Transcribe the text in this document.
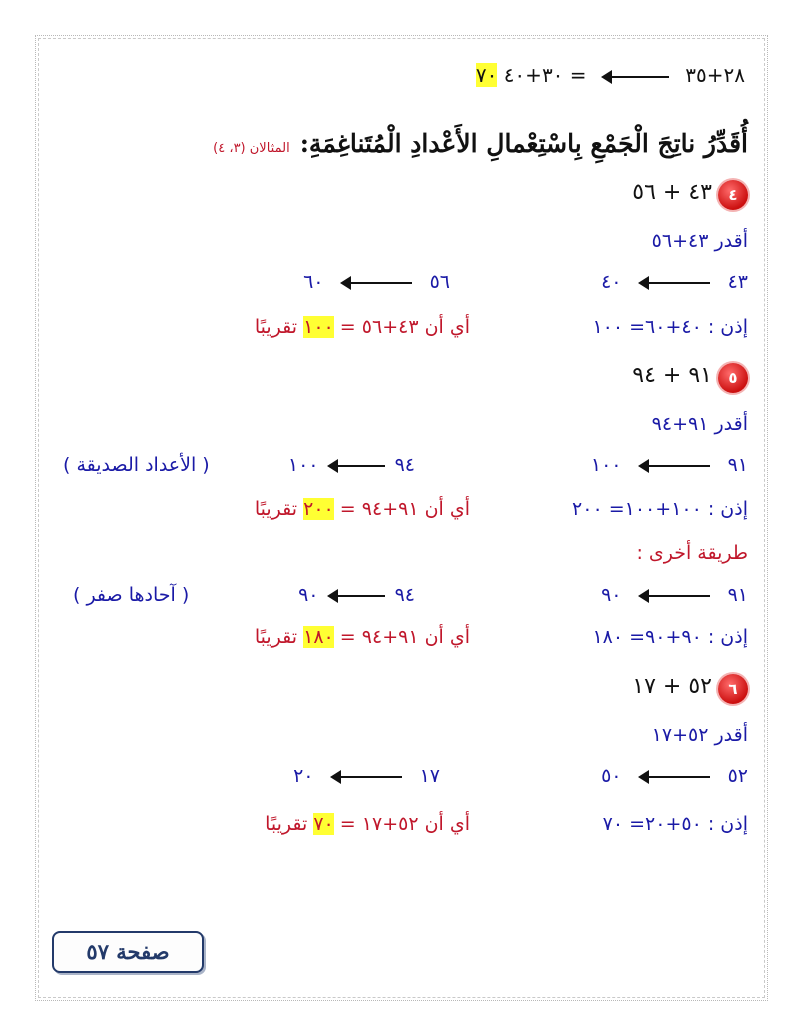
٢٨+٣٥  = ٣٠+٤٠ ٧٠
أُقَدِّرُ ناتِجَ الْجَمْعِ بِاسْتِعْمالِ الأَعْدادِ الْمُتَناغِمَةِ:المثالان (٣، ٤)
٤
٤٣ + ٥٦
أقدر ٤٣+٥٦
٤٣  ٤٠
٥٦  ٦٠
إذن : ٤٠+٦٠= ١٠٠
أي أن ٤٣+٥٦ = ١٠٠ تقريبًا
٥
٩١ + ٩٤
أقدر ٩١+٩٤
٩١  ١٠٠
٩٤  ١٠٠
( الأعداد الصديقة )
إذن : ١٠٠+١٠٠= ٢٠٠
أي أن ٩١+٩٤ = ٢٠٠ تقريبًا
طريقة أخرى :
٩١  ٩٠
٩٤  ٩٠
( آحادها صفر )
إذن : ٩٠+٩٠= ١٨٠
أي أن ٩١+٩٤ = ١٨٠ تقريبًا
٦
٥٢ + ١٧
أقدر ٥٢+١٧
٥٢  ٥٠
١٧  ٢٠
إذن : ٥٠+٢٠= ٧٠
أي أن ٥٢+١٧ = ٧٠ تقريبًا
صفحة ٥٧
